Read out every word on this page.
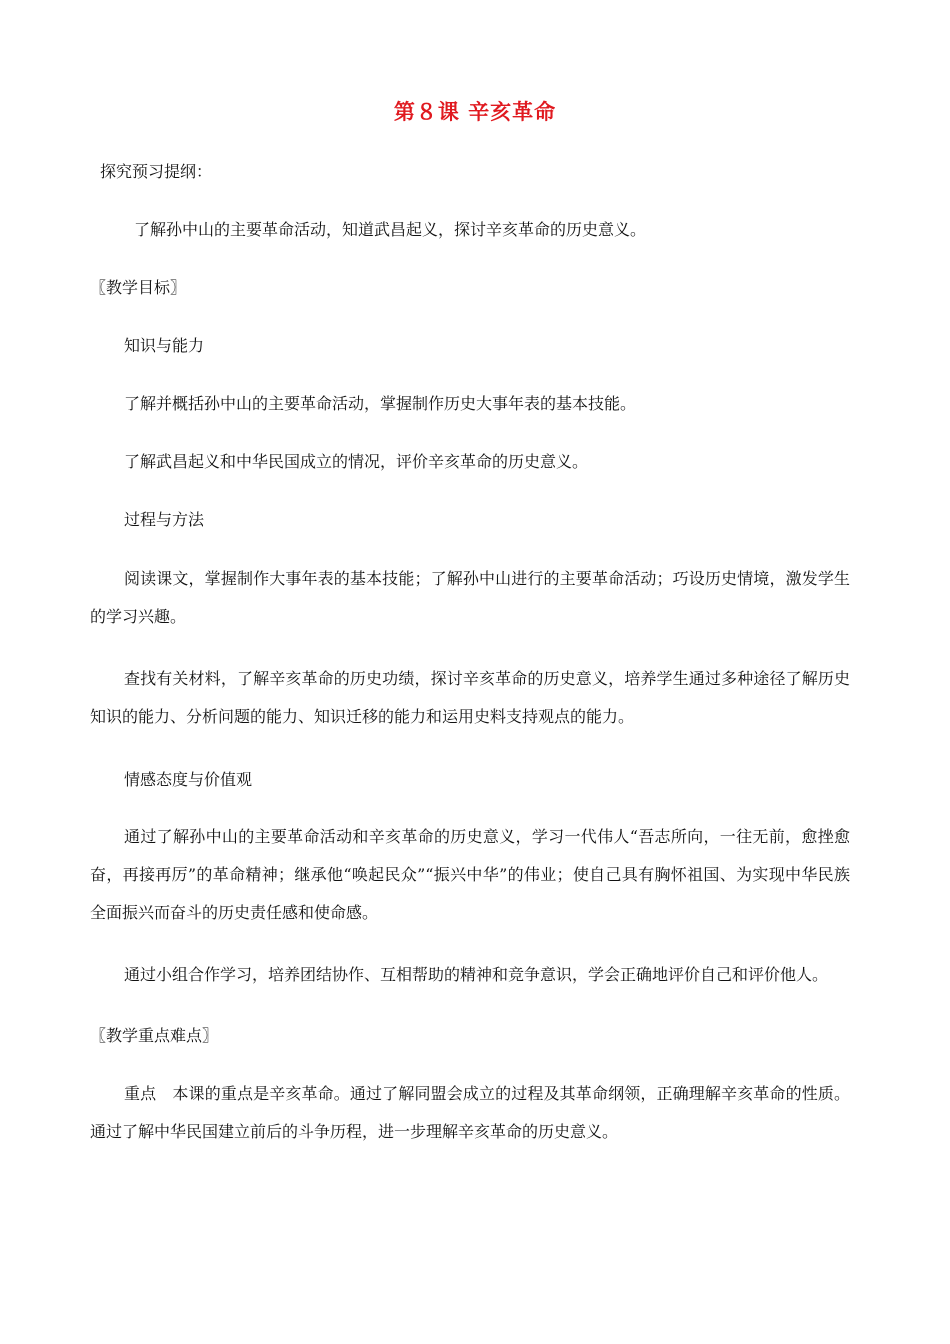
第８课 辛亥革命
探究预习提纲：
了解孙中山的主要革命活动，知道武昌起义，探讨辛亥革命的历史意义。
〖教学目标〗
知识与能力
了解并概括孙中山的主要革命活动，掌握制作历史大事年表的基本技能。
了解武昌起义和中华民国成立的情况，评价辛亥革命的历史意义。
过程与方法
阅读课文，掌握制作大事年表的基本技能；了解孙中山进行的主要革命活动；巧设历史情境，激发学生的学习兴趣。
查找有关材料，了解辛亥革命的历史功绩，探讨辛亥革命的历史意义，培养学生通过多种途径了解历史知识的能力、分析问题的能力、知识迁移的能力和运用史料支持观点的能力。
情感态度与价值观
通过了解孙中山的主要革命活动和辛亥革命的历史意义，学习一代伟人“吾志所向，一往无前，愈挫愈奋，再接再厉”的革命精神；继承他“唤起民众”“振兴中华”的伟业；使自己具有胸怀祖国、为实现中华民族全面振兴而奋斗的历史责任感和使命感。
通过小组合作学习，培养团结协作、互相帮助的精神和竞争意识，学会正确地评价自己和评价他人。
〖教学重点难点〗
重点 本课的重点是辛亥革命。通过了解同盟会成立的过程及其革命纲领，正确理解辛亥革命的性质。通过了解中华民国建立前后的斗争历程，进一步理解辛亥革命的历史意义。
